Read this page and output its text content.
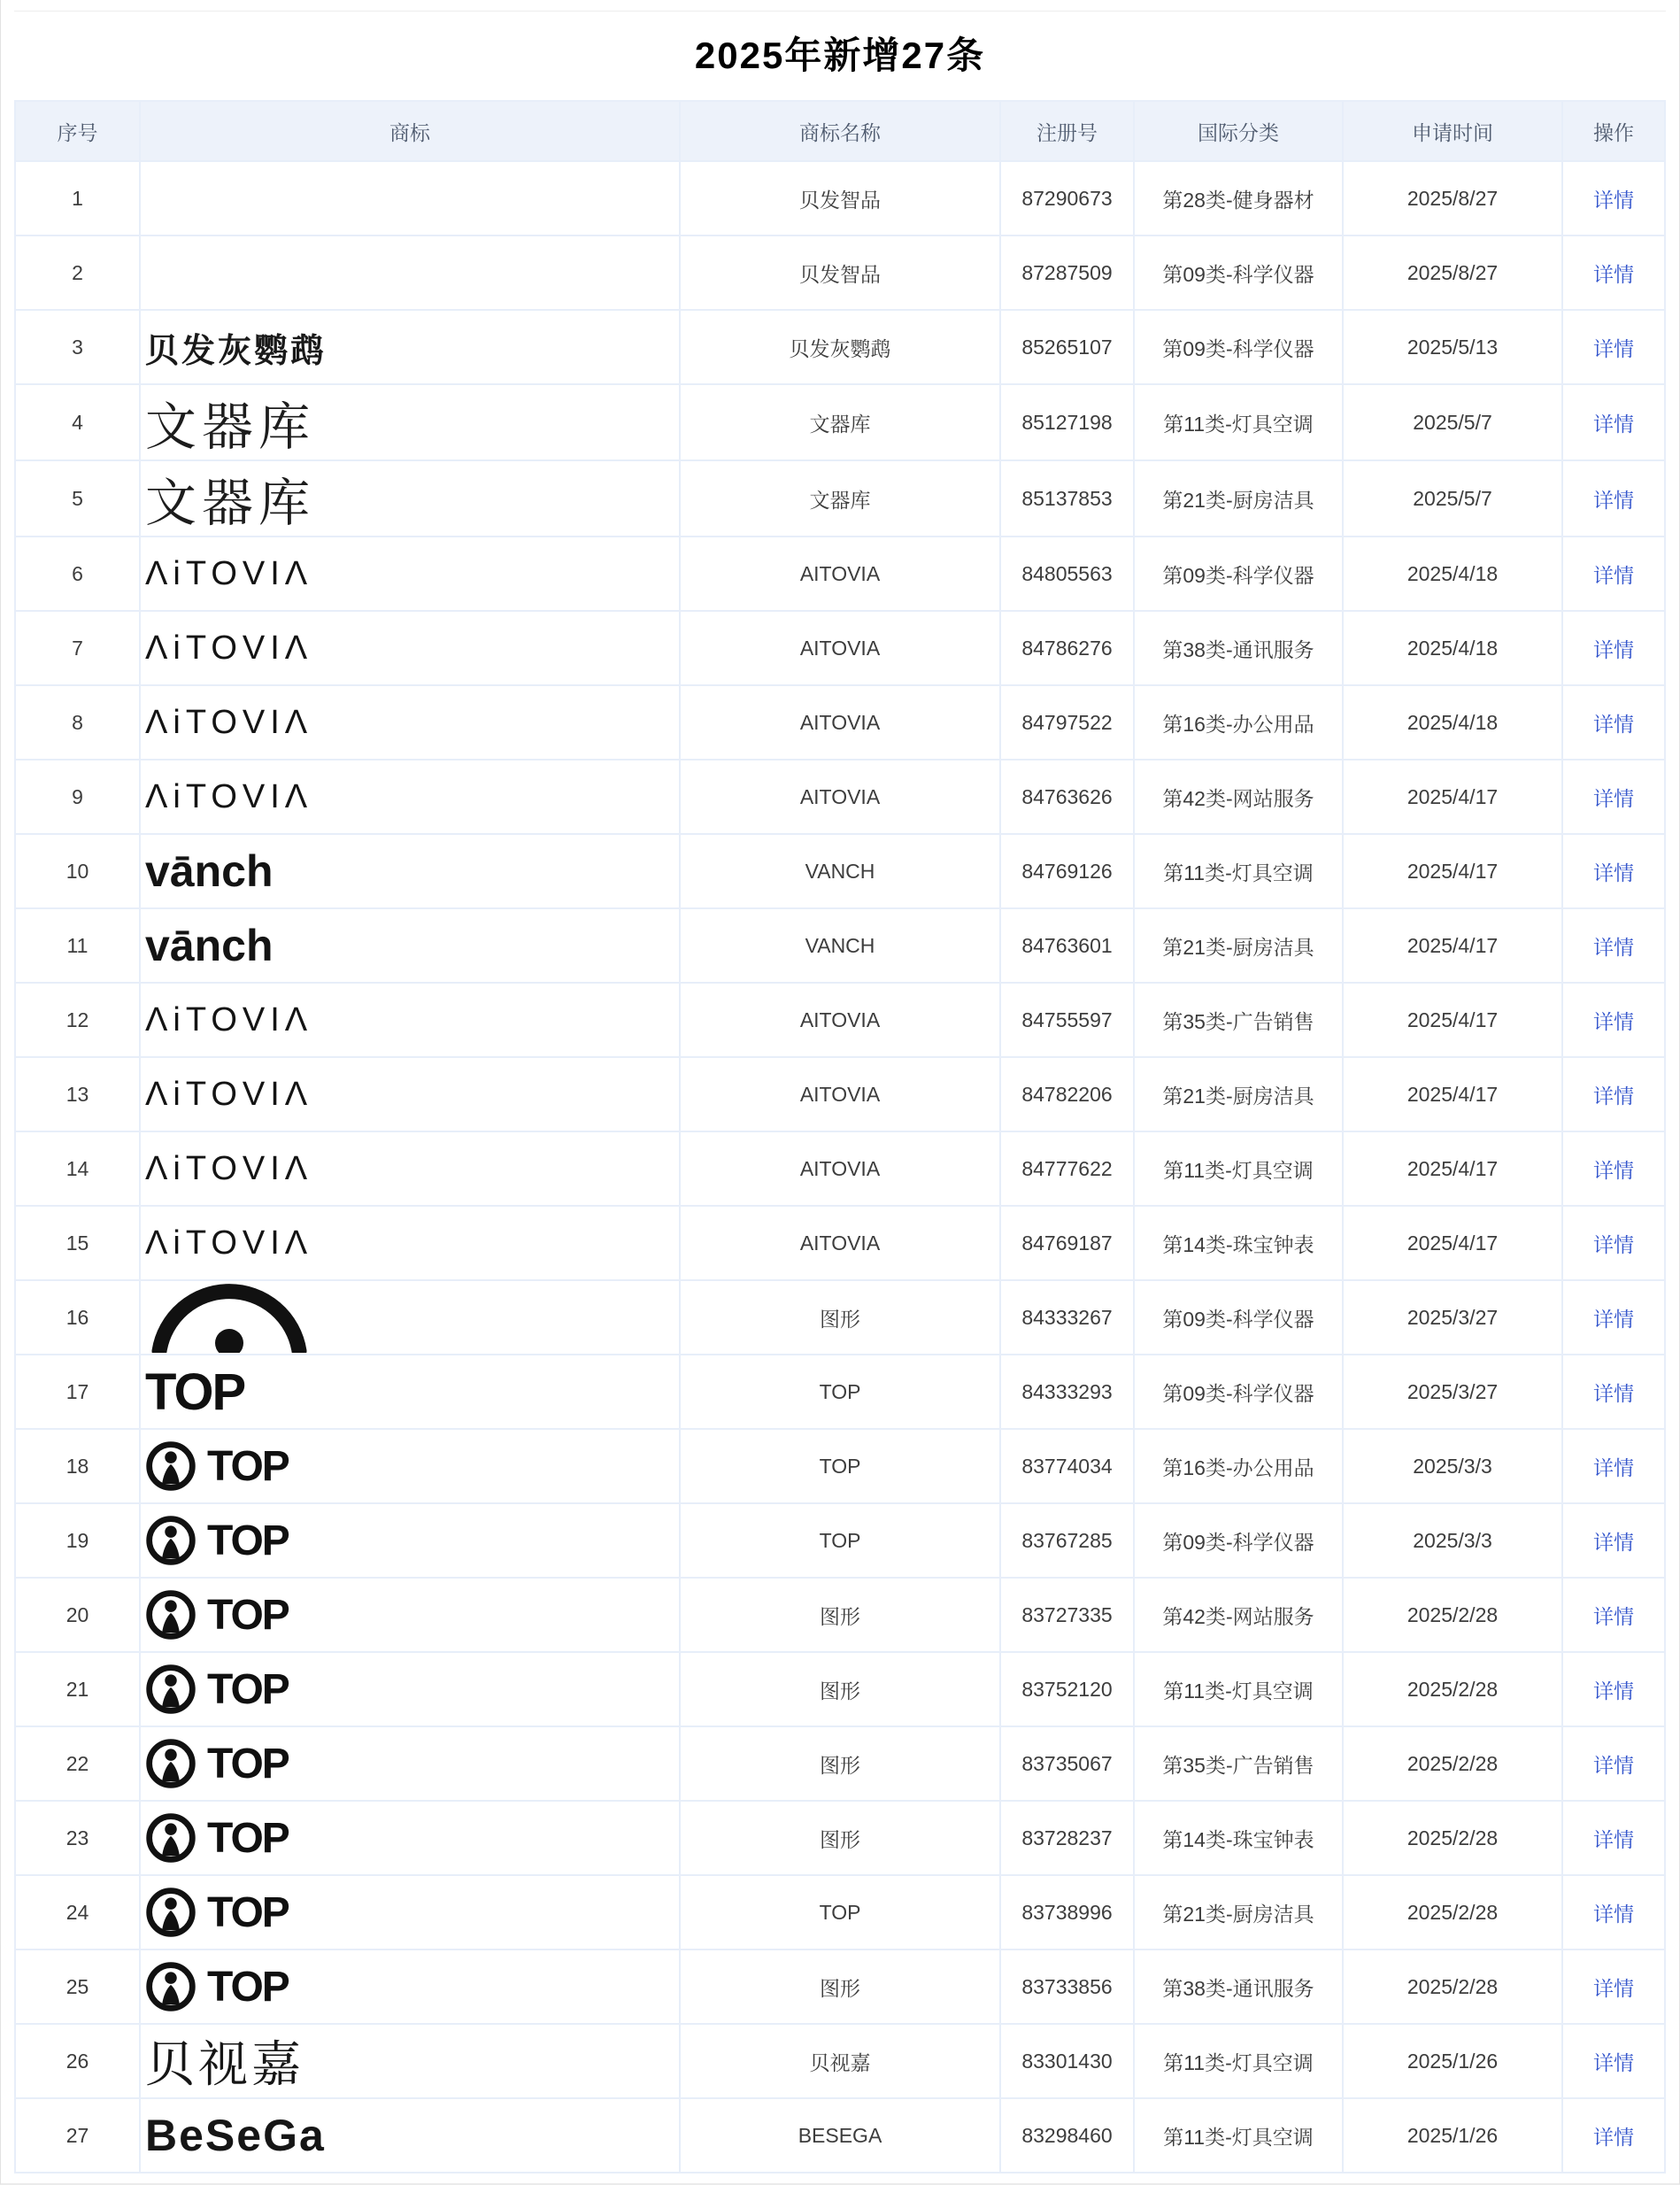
2025年新增27条
序号	商标	商标名称	注册号	国际分类	申请时间	操作
1		贝发智品	87290673	第28类-健身器材	2025/8/27	详情
2		贝发智品	87287509	第09类-科学仪器	2025/8/27	详情
3	贝发灰鹦鹉	贝发灰鹦鹉	85265107	第09类-科学仪器	2025/5/13	详情
4	文器库	文器库	85127198	第11类-灯具空调	2025/5/7	详情
5	文器库	文器库	85137853	第21类-厨房洁具	2025/5/7	详情
6	ΛiTOVIΛ	AITOVIA	84805563	第09类-科学仪器	2025/4/18	详情
7	ΛiTOVIΛ	AITOVIA	84786276	第38类-通讯服务	2025/4/18	详情
8	ΛiTOVIΛ	AITOVIA	84797522	第16类-办公用品	2025/4/18	详情
9	ΛiTOVIΛ	AITOVIA	84763626	第42类-网站服务	2025/4/17	详情
10	vānch	VANCH	84769126	第11类-灯具空调	2025/4/17	详情
11	vānch	VANCH	84763601	第21类-厨房洁具	2025/4/17	详情
12	ΛiTOVIΛ	AITOVIA	84755597	第35类-广告销售	2025/4/17	详情
13	ΛiTOVIΛ	AITOVIA	84782206	第21类-厨房洁具	2025/4/17	详情
14	ΛiTOVIΛ	AITOVIA	84777622	第11类-灯具空调	2025/4/17	详情
15	ΛiTOVIΛ	AITOVIA	84769187	第14类-珠宝钟表	2025/4/17	详情
16		图形	84333267	第09类-科学仪器	2025/3/27	详情
17	TOP	TOP	84333293	第09类-科学仪器	2025/3/27	详情
18	TOP	TOP	83774034	第16类-办公用品	2025/3/3	详情
19	TOP	TOP	83767285	第09类-科学仪器	2025/3/3	详情
20	TOP	图形	83727335	第42类-网站服务	2025/2/28	详情
21	TOP	图形	83752120	第11类-灯具空调	2025/2/28	详情
22	TOP	图形	83735067	第35类-广告销售	2025/2/28	详情
23	TOP	图形	83728237	第14类-珠宝钟表	2025/2/28	详情
24	TOP	TOP	83738996	第21类-厨房洁具	2025/2/28	详情
25	TOP	图形	83733856	第38类-通讯服务	2025/2/28	详情
26	贝视嘉	贝视嘉	83301430	第11类-灯具空调	2025/1/26	详情
27	BeSeGa	BESEGA	83298460	第11类-灯具空调	2025/1/26	详情
